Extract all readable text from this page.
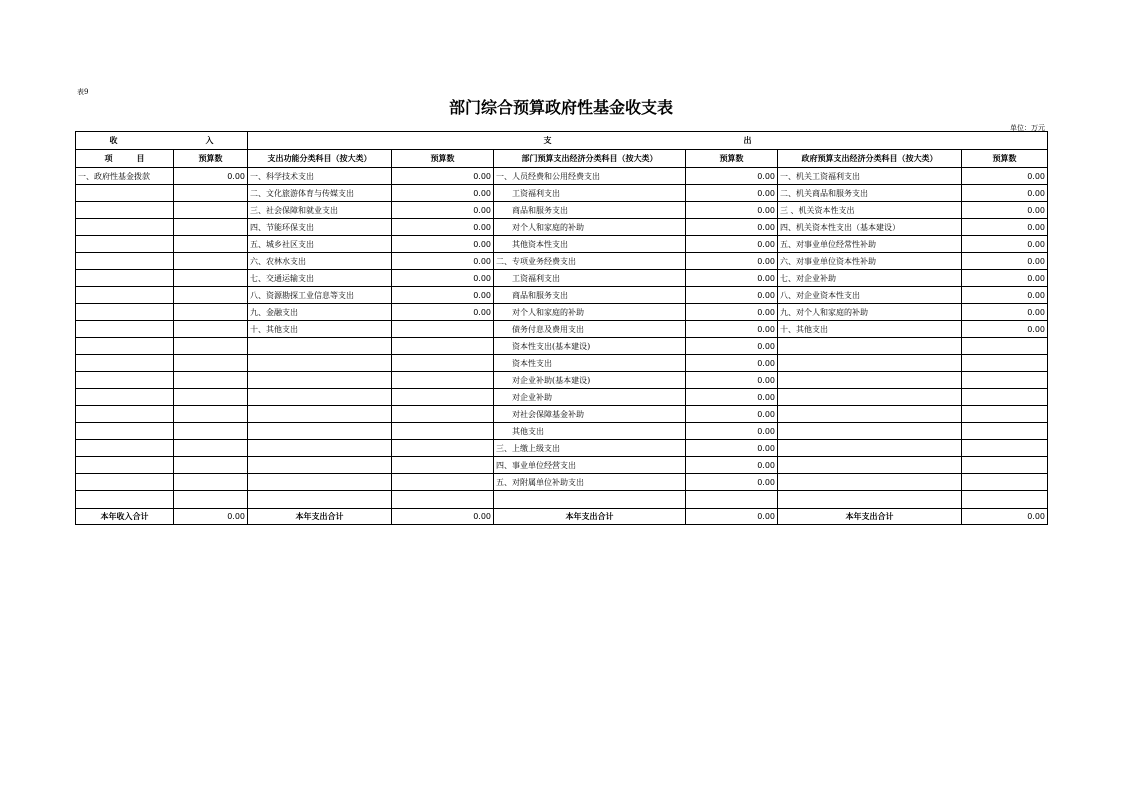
表9
部门综合预算政府性基金收支表
单位：万元
收　　　　　　　　　　　入		支　　　　　　　　　　　　　　　　　　　　　　　　出					
项　　　目	预算数	支出功能分类科目（按大类）	预算数	部门预算支出经济分类科目（按大类）	预算数	政府预算支出经济分类科目（按大类）	预算数
一、政府性基金拨款	0.00	一、科学技术支出	0.00	一、人员经费和公用经费支出	0.00	一、机关工资福利支出	0.00
		二、文化旅游体育与传媒支出	0.00	工资福利支出	0.00	二、机关商品和服务支出	0.00
		三、社会保障和就业支出	0.00	商品和服务支出	0.00	三 、机关资本性支出	0.00
		四、节能环保支出	0.00	对个人和家庭的补助	0.00	四、机关资本性支出（基本建设）	0.00
		五、城乡社区支出	0.00	其他资本性支出	0.00	五、对事业单位经常性补助	0.00
		六、农林水支出	0.00	二、专项业务经费支出	0.00	六、对事业单位资本性补助	0.00
		七、交通运输支出	0.00	工资福利支出	0.00	七、对企业补助	0.00
		八、资源勘探工业信息等支出	0.00	商品和服务支出	0.00	八、对企业资本性支出	0.00
		九、金融支出	0.00	对个人和家庭的补助	0.00	九、对个人和家庭的补助	0.00
		十、其他支出		债务付息及费用支出	0.00	十、其他支出	0.00
				资本性支出(基本建设)	0.00		
				资本性支出	0.00		
				对企业补助(基本建设)	0.00		
				对企业补助	0.00		
				对社会保障基金补助	0.00		
				其他支出	0.00		
				三、上缴上级支出	0.00		
				四、事业单位经营支出	0.00		
				五、对附属单位补助支出	0.00		

本年收入合计	0.00	本年支出合计	0.00	本年支出合计	0.00	本年支出合计	0.00
